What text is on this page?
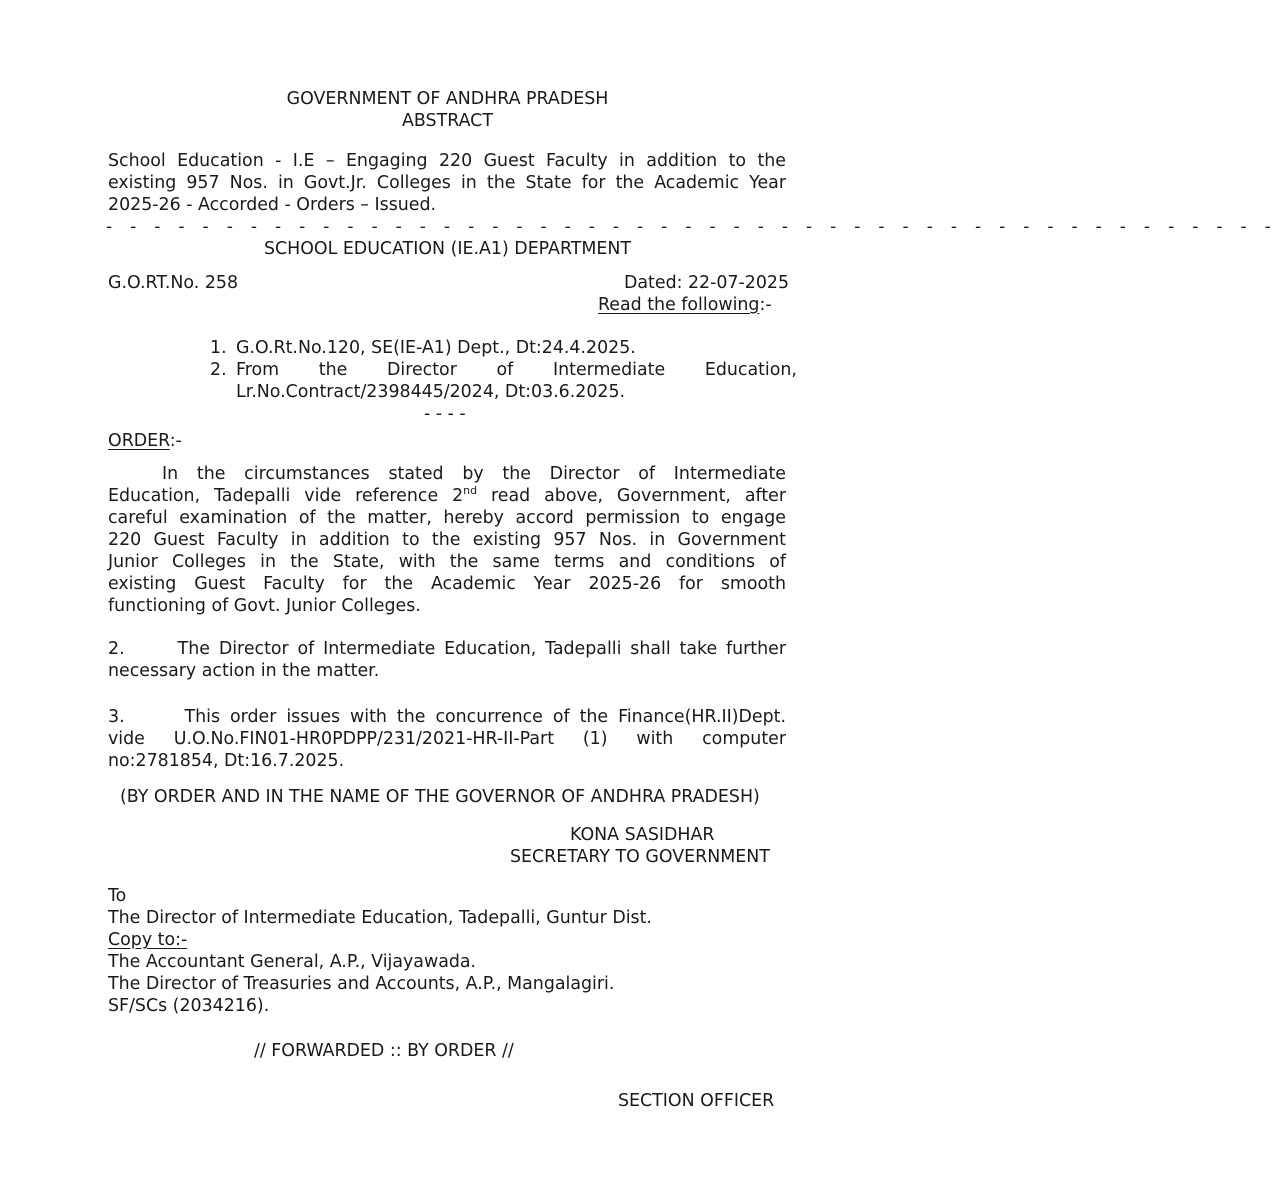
GOVERNMENT OF ANDHRA PRADESH
ABSTRACT
School Education - I.E – Engaging 220 Guest Faculty in addition to the
existing 957 Nos. in Govt.Jr. Colleges in the State for the Academic Year
2025-26 - Accorded - Orders – Issued.
- - - - - - - - - - - - - - - - - - - - - - - - - - - - - - - - - - - - - - - - - - - - - - - - -
SCHOOL EDUCATION (IE.A1) DEPARTMENT
G.O.RT.No. 258	Dated: 22-07-2025
Read the following:-
1. G.O.Rt.No.120, SE(IE-A1) Dept., Dt:24.4.2025.
2. From the Director of Intermediate Education,
Lr.No.Contract/2398445/2024, Dt:03.6.2025.
- - - -
ORDER:-
In the circumstances stated by the Director of Intermediate
Education, Tadepalli vide reference 2nd read above, Government, after
careful examination of the matter, hereby accord permission to engage
220 Guest Faculty in addition to the existing 957 Nos. in Government
Junior Colleges in the State, with the same terms and conditions of
existing Guest Faculty for the Academic Year 2025-26 for smooth
functioning of Govt. Junior Colleges.
2.      The Director of Intermediate Education, Tadepalli shall take further
necessary action in the matter.
3.      This order issues with the concurrence of the Finance(HR.II)Dept.
vide U.O.No.FIN01-HR0PDPP/231/2021-HR-II-Part (1) with computer
no:2781854, Dt:16.7.2025.
(BY ORDER AND IN THE NAME OF THE GOVERNOR OF ANDHRA PRADESH)
KONA SASIDHAR
SECRETARY TO GOVERNMENT
To
The Director of Intermediate Education, Tadepalli, Guntur Dist.
Copy to:-
The Accountant General, A.P., Vijayawada.
The Director of Treasuries and Accounts, A.P., Mangalagiri.
SF/SCs (2034216).
// FORWARDED :: BY ORDER //
SECTION OFFICER
